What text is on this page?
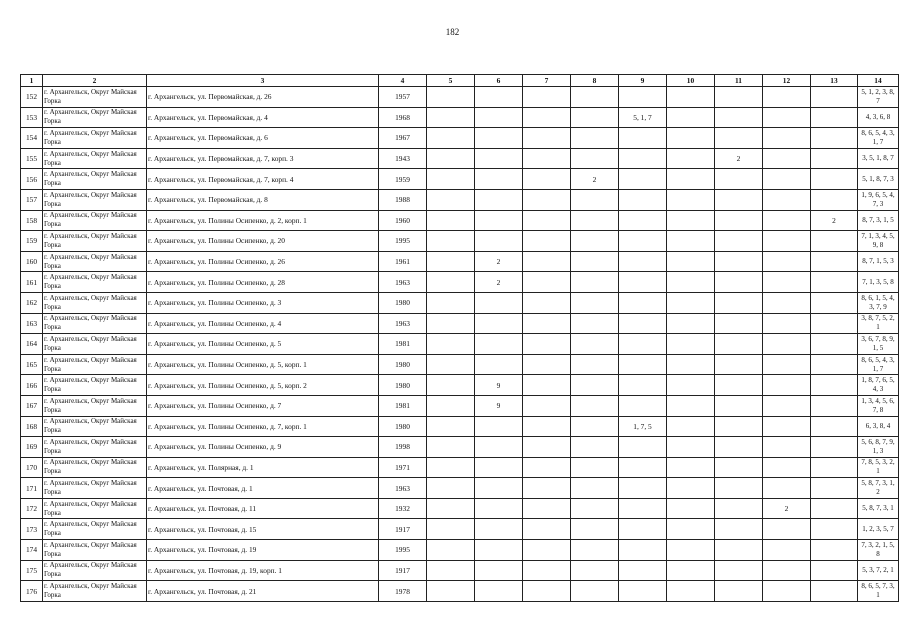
182
1	2	3	4	5	6	7	8	9	10	11	12	13	14
152	г. Архангельск, Округ Майская Горка	г. Архангельск, ул. Первомайская, д. 26	1957										5, 1, 2, 3, 8, 7
153	г. Архангельск, Округ Майская Горка	г. Архангельск, ул. Первомайская, д. 4	1968					5, 1, 7					4, 3, 6, 8
154	г. Архангельск, Округ Майская Горка	г. Архангельск, ул. Первомайская, д. 6	1967										8, 6, 5, 4, 3, 1, 7
155	г. Архангельск, Округ Майская Горка	г. Архангельск, ул. Первомайская, д. 7, корп. 3	1943							2			3, 5, 1, 8, 7
156	г. Архангельск, Округ Майская Горка	г. Архангельск, ул. Первомайская, д. 7, корп. 4	1959				2						5, 1, 8, 7, 3
157	г. Архангельск, Округ Майская Горка	г. Архангельск, ул. Первомайская, д. 8	1988										1, 9, 6, 5, 4, 7, 3
158	г. Архангельск, Округ Майская Горка	г. Архангельск, ул. Полины Осипенко, д. 2, корп. 1	1960									2	8, 7, 3, 1, 5
159	г. Архангельск, Округ Майская Горка	г. Архангельск, ул. Полины Осипенко, д. 20	1995										7, 1, 3, 4, 5, 9, 8
160	г. Архангельск, Округ Майская Горка	г. Архангельск, ул. Полины Осипенко, д. 26	1961		2								8, 7, 1, 5, 3
161	г. Архангельск, Округ Майская Горка	г. Архангельск, ул. Полины Осипенко, д. 28	1963		2								7, 1, 3, 5, 8
162	г. Архангельск, Округ Майская Горка	г. Архангельск, ул. Полины Осипенко, д. 3	1980										8, 6, 1, 5, 4, 3, 7, 9
163	г. Архангельск, Округ Майская Горка	г. Архангельск, ул. Полины Осипенко, д. 4	1963										3, 8, 7, 5, 2, 1
164	г. Архангельск, Округ Майская Горка	г. Архангельск, ул. Полины Осипенко, д. 5	1981										3, 6, 7, 8, 9, 1, 5
165	г. Архангельск, Округ Майская Горка	г. Архангельск, ул. Полины Осипенко, д. 5, корп. 1	1980										8, 6, 5, 4, 3, 1, 7
166	г. Архангельск, Округ Майская Горка	г. Архангельск, ул. Полины Осипенко, д. 5, корп. 2	1980		9								1, 8, 7, 6, 5, 4, 3
167	г. Архангельск, Округ Майская Горка	г. Архангельск, ул. Полины Осипенко, д. 7	1981		9								1, 3, 4, 5, 6, 7, 8
168	г. Архангельск, Округ Майская Горка	г. Архангельск, ул. Полины Осипенко, д. 7, корп. 1	1980					1, 7, 5					6, 3, 8, 4
169	г. Архангельск, Округ Майская Горка	г. Архангельск, ул. Полины Осипенко, д. 9	1998										5, 6, 8, 7, 9, 1, 3
170	г. Архангельск, Округ Майская Горка	г. Архангельск, ул. Полярная, д. 1	1971										7, 8, 5, 3, 2, 1
171	г. Архангельск, Округ Майская Горка	г. Архангельск, ул. Почтовая, д. 1	1963										5, 8, 7, 3, 1, 2
172	г. Архангельск, Округ Майская Горка	г. Архангельск, ул. Почтовая, д. 11	1932								2		5, 8, 7, 3, 1
173	г. Архангельск, Округ Майская Горка	г. Архангельск, ул. Почтовая, д. 15	1917										1, 2, 3, 5, 7
174	г. Архангельск, Округ Майская Горка	г. Архангельск, ул. Почтовая, д. 19	1995										7, 3, 2, 1, 5, 8
175	г. Архангельск, Округ Майская Горка	г. Архангельск, ул. Почтовая, д. 19, корп. 1	1917										5, 3, 7, 2, 1
176	г. Архангельск, Округ Майская Горка	г. Архангельск, ул. Почтовая, д. 21	1978										8, 6, 5, 7, 3, 1
